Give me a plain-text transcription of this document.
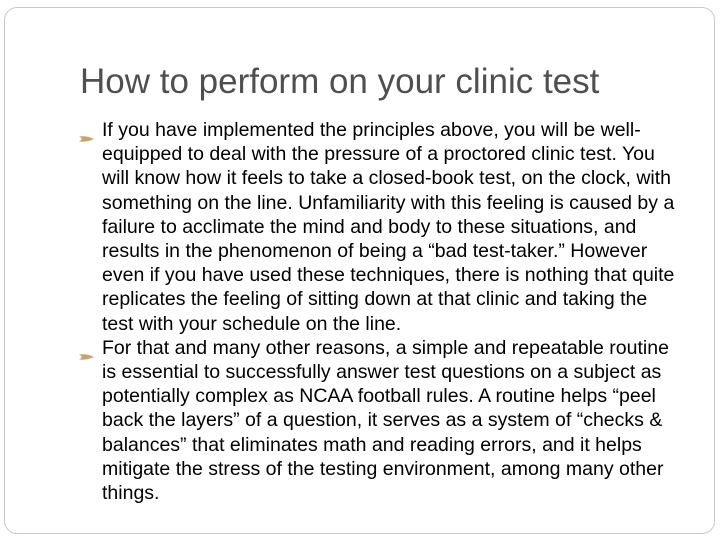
How to perform on your clinic test
If you have implemented the principles above, you will be well-equipped to deal with the pressure of a proctored clinic test. You will know how it feels to take a closed-book test, on the clock, with something on the line. Unfamiliarity with this feeling is caused by a failure to acclimate the mind and body to these situations, and results in the phenomenon of being a “bad test-taker.” However even if you have used these techniques, there is nothing that quite replicates the feeling of sitting down at that clinic and taking the test with your schedule on the line.
For that and many other reasons, a simple and repeatable routine is essential to successfully answer test questions on a subject as potentially complex as NCAA football rules. A routine helps “peel back the layers” of a question, it serves as a system of “checks & balances” that eliminates math and reading errors, and it helps mitigate the stress of the testing environment, among many other things.
